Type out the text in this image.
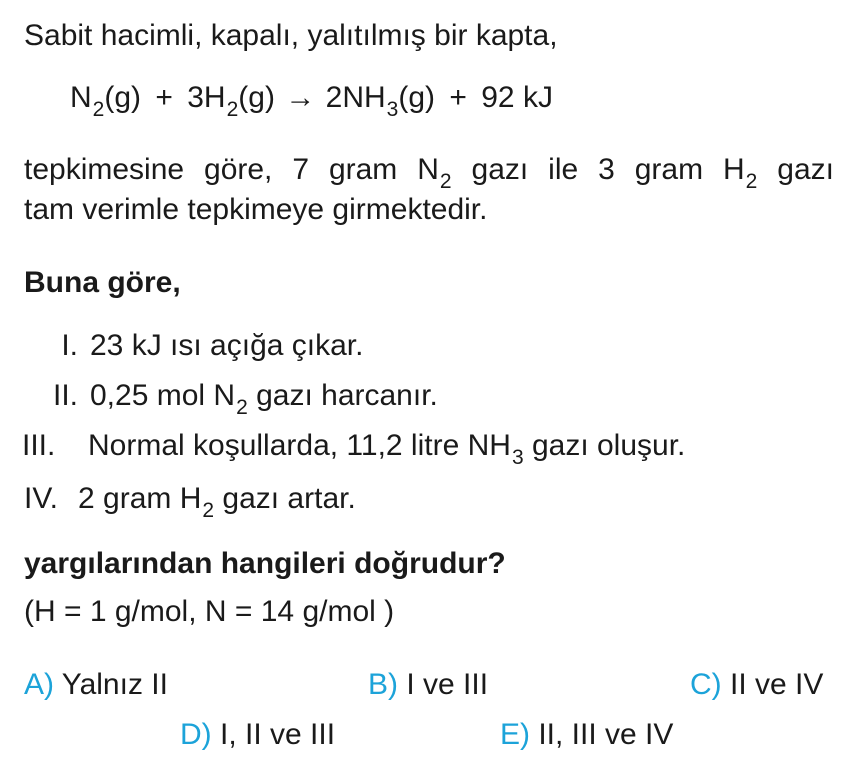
Sabit hacimli, kapalı, yalıtılmış bir kapta,
$N_2(g) + 3H_2(g) \to 2NH_3(g) + 92$ kJ
tepkimesine göre, 7 gram $N_2$ gazı ile 3 gram $H_2$ gazı
tam verimle tepkimeye girmektedir.
Buna göre,
I. 23 kJ ısı açığa çıkar.
II. 0,25 mol $N_2$ gazı harcanır.
III. Normal koşullarda, 11,2 litre $NH_3$ gazı oluşur.
IV. 2 gram $H_2$ gazı artar.
yargılarından hangileri doğrudur?
(H = 1 g/mol, N = 14 g/mol )
A) Yalnız II	B) I ve III	C) II ve IV
D) I, II ve III	E) II, III ve IV
